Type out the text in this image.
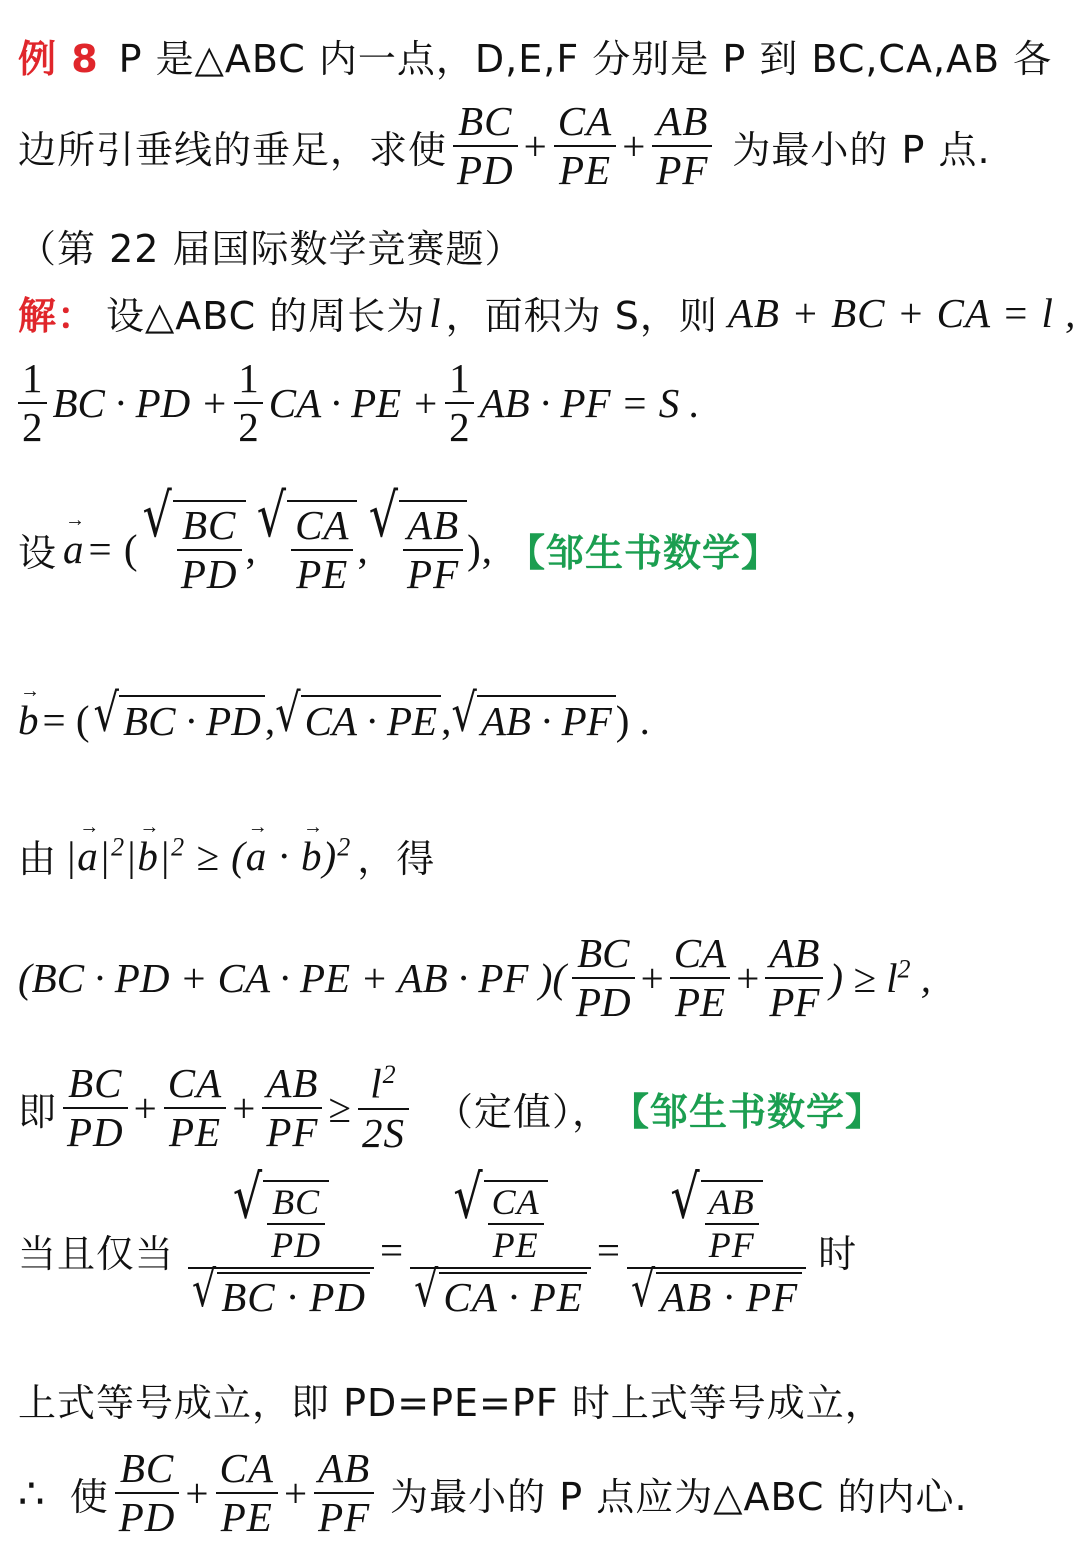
例 8 P 是△ABC 内一点，D,E,F 分别是 P 到 BC,CA,AB 各
边所引垂线的垂足，求使 $\frac{BC}{PD} + \frac{CA}{PE} + \frac{AB}{PF}$ 为最小的 P 点.
（第 22 届国际数学竞赛题）
解： 设△ABC 的周长为 l ，面积为 S，则 AB + BC + CA = l ,
$\frac{1}{2}$ BC · PD + $\frac{1}{2}$ CA · PE + $\frac{1}{2}$ AB · PF = S .
设
→
a = ( √ $\frac{BC}{PD}$ , √ $\frac{CA}{PE}$ , √ $\frac{AB}{PF}$ ), 【邹生书数学】
→
b = ( √ BC · PD , √ CA · PE , √ AB · PF ) .
由 |
→
$a|^2|$
→
$b|^2$ ≥ (
→
a ·
→
b)$^2$ ，得
(BC · PD + CA · PE + AB · PF )( $\frac{BC}{PD} + \frac{CA}{PE} + \frac{AB}{PF}$ ) ≥ $l^2$ ,
即 $\frac{BC}{PD} + \frac{CA}{PE} + \frac{AB}{PF} \ge \frac{l^2}{2S}$ （定值）， 【邹生书数学】
当且仅当 $\frac{√ \frac{BC}{PD}}{√ BC \cdot PD} = \frac{√ \frac{CA}{PE}}{√ CA \cdot PE} = \frac{√ \frac{AB}{PF}}{√ AB \cdot PF}$ 时
上式等号成立，即 PD=PE=PF 时上式等号成立，
∴ 使 $\frac{BC}{PD} + \frac{CA}{PE} + \frac{AB}{PF}$ 为最小的 P 点应为△ABC 的内心.
